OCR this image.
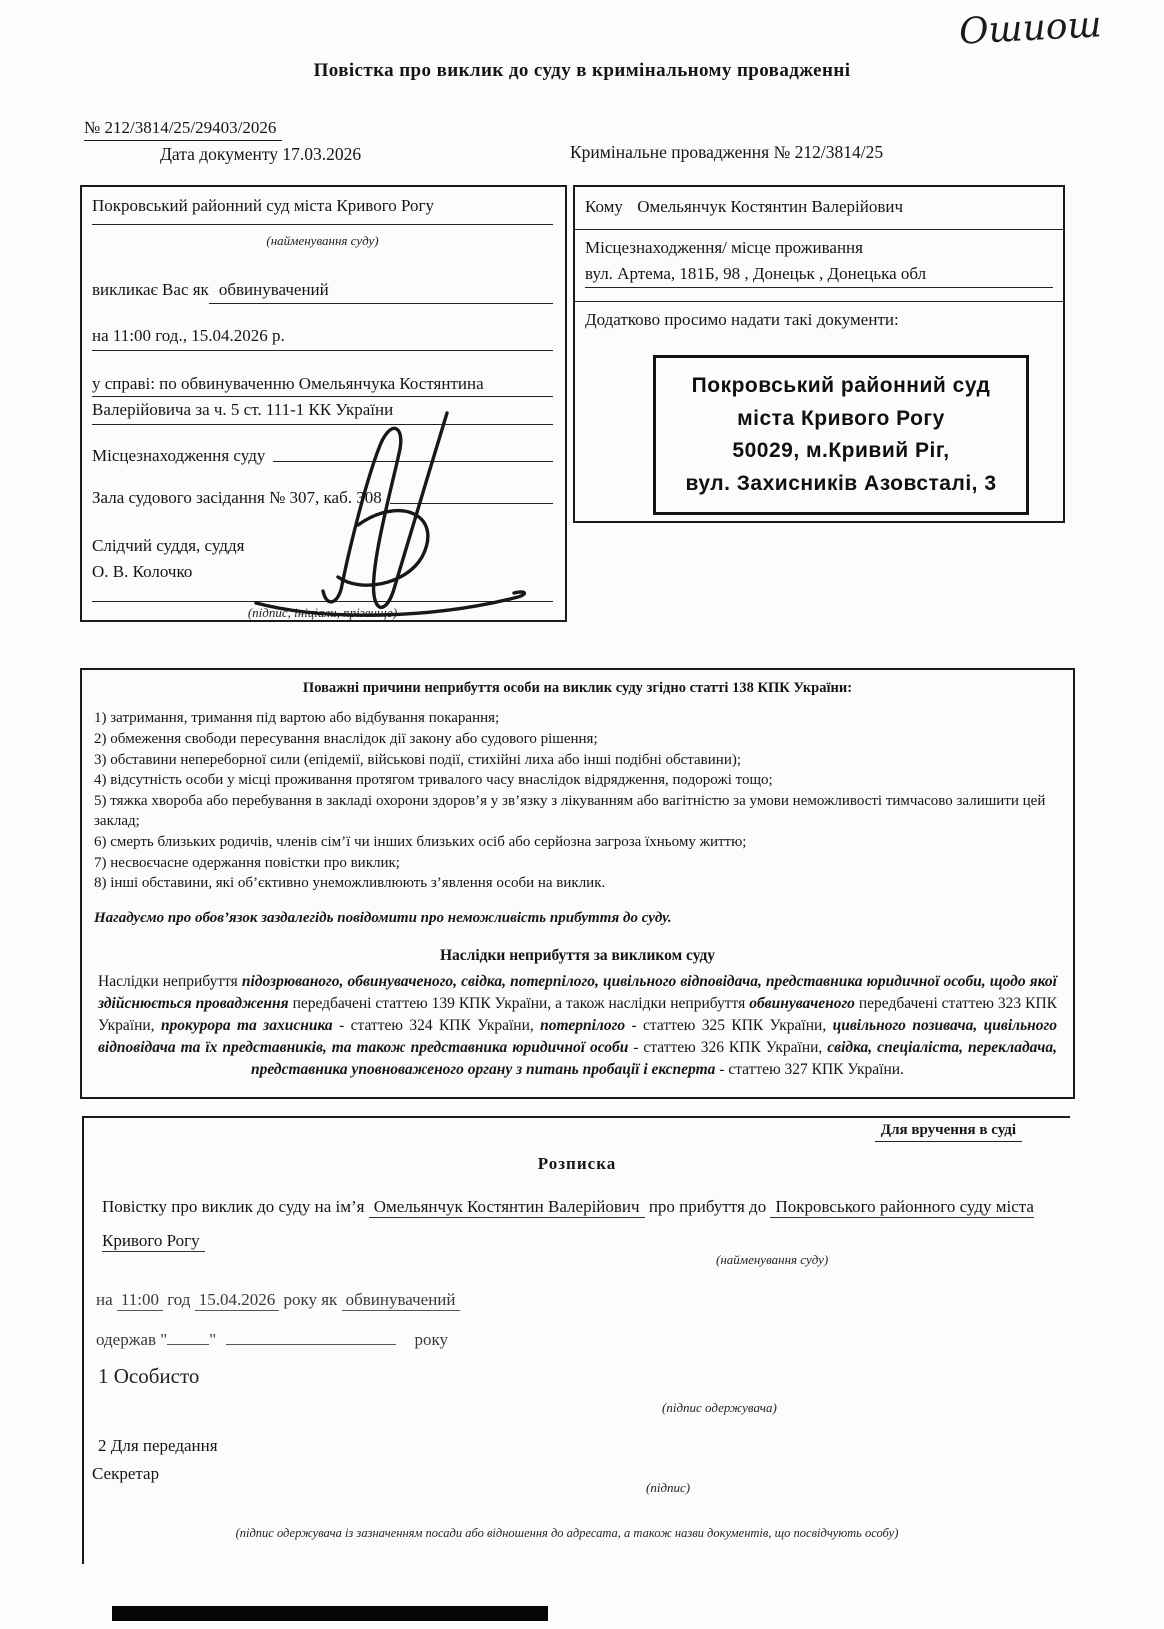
Ошиош
Повістка про виклик до суду в кримінальному провадженні
№ 212/3814/25/29403/2026
Дата документу 17.03.2026	Кримінальне провадження № 212/3814/25
Покровський районний суд міста Кривого Рогу
(найменування суду)
викликає Вас як обвинувачений
на 11:00 год., 15.04.2026 р.
у справі: по обвинуваченню Омельянчука Костянтина
Валерійовича за ч. 5 ст. 111-1 КК України
Місцезнаходження суду
Зала судового засідання № 307, каб. 308
Слідчий суддя, суддя
О. В. Колочко
(підпис, ініціали, прізвище)
Кому Омельянчук Костянтин Валерійович
Місцезнаходження/ місце проживання
вул. Артема, 181Б, 98 , Донецьк , Донецька обл
Додатково просимо надати такі документи:
Покровський районний суд
міста Кривого Рогу
50029, м.Кривий Ріг,
вул. Захисників Азовсталі, 3
Поважні причини неприбуття особи на виклик суду згідно статті 138 КПК України:

1) затримання, тримання під вартою або відбування покарання;

2) обмеження свободи пересування внаслідок дії закону або судового рішення;

3) обставини непереборної сили (епідемії, військові події, стихійні лиха або інші подібні обставини);

4) відсутність особи у місці проживання протягом тривалого часу внаслідок відрядження, подорожі тощо;

5) тяжка хвороба або перебування в закладі охорони здоров’я у зв’язку з лікуванням або вагітністю за умови неможливості тимчасово залишити цей заклад;

6) смерть близьких родичів, членів сім’ї чи інших близьких осіб або серйозна загроза їхньому життю;

7) несвоєчасне одержання повістки про виклик;

8) інші обставини, які об’єктивно унеможливлюють з’явлення особи на виклик.

Нагадуємо про обов’язок заздалегідь повідомити про неможливість прибуття до суду.

Наслідки неприбуття за викликом суду

Наслідки неприбуття підозрюваного, обвинуваченого, свідка, потерпілого, цивільного відповідача, представника юридичної особи, щодо якої здійснюється провадження передбачені статтею 139 КПК України, а також наслідки неприбуття обвинуваченого передбачені статтею 323 КПК України, прокурора та захисника - статтею 324 КПК України, потерпілого - статтею 325 КПК України, цивільного позивача, цивільного відповідача та їх представників, та також представника юридичної особи - статтею 326 КПК України, свідка, спеціаліста, перекладача, представника уповноваженого органу з питань пробації і експерта - статтею 327 КПК України.

Для вручення в суді
Розписка

Повістку про виклик до суду на ім’я Омельянчук Костянтин Валерійович про прибуття до Покровського районного суду міста Кривого Рогу

(найменування суду)
на 11:00 год 15.04.2026 року як обвинувачений
одержав " "	року
1 Особисто
(підпис одержувача)
2 Для передання
Секретар
(підпис)
(підпис одержувача із зазначенням посади або відношення до адресата, а також назви документів, що посвідчують особу)
